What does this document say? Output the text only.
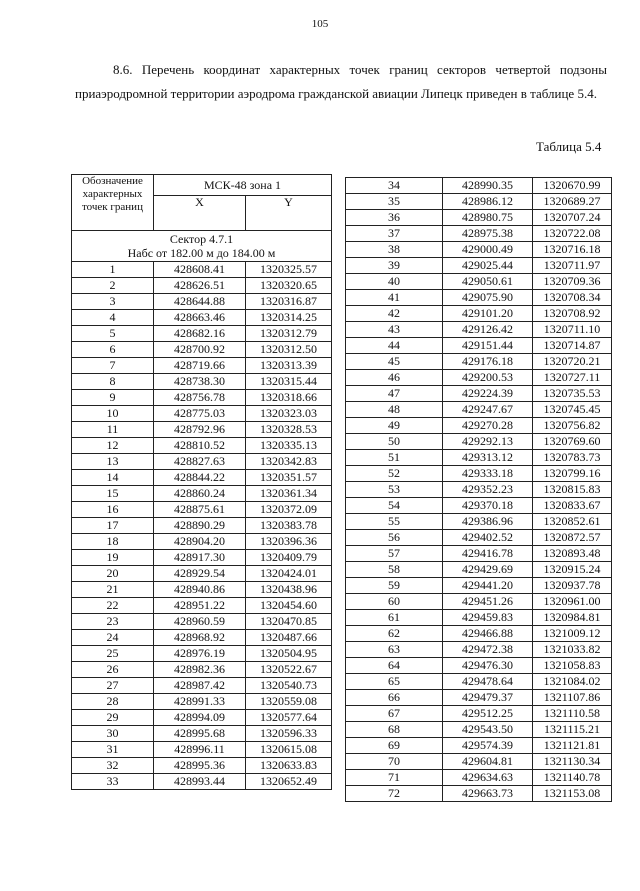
105
8.6. Перечень координат характерных точек границ секторов четвертой подзоны приаэродромной территории аэродрома гражданской авиации Липецк приведен в таблице 5.4.
Таблица 5.4
Обозначение характерных точек границ	МСК-48 зона 1	
	X	Y

Сектор 4.7.1
Набс от 182.00 м до 184.00 м		

1	428608.41	1320325.57
2	428626.51	1320320.65
3	428644.88	1320316.87
4	428663.46	1320314.25
5	428682.16	1320312.79
6	428700.92	1320312.50
7	428719.66	1320313.39
8	428738.30	1320315.44
9	428756.78	1320318.66
10	428775.03	1320323.03
11	428792.96	1320328.53
12	428810.52	1320335.13
13	428827.63	1320342.83
14	428844.22	1320351.57
15	428860.24	1320361.34
16	428875.61	1320372.09
17	428890.29	1320383.78
18	428904.20	1320396.36
19	428917.30	1320409.79
20	428929.54	1320424.01
21	428940.86	1320438.96
22	428951.22	1320454.60
23	428960.59	1320470.85
24	428968.92	1320487.66
25	428976.19	1320504.95
26	428982.36	1320522.67
27	428987.42	1320540.73
28	428991.33	1320559.08
29	428994.09	1320577.64
30	428995.68	1320596.33
31	428996.11	1320615.08
32	428995.36	1320633.83
33	428993.44	1320652.49
34	428990.35	1320670.99
35	428986.12	1320689.27
36	428980.75	1320707.24
37	428975.38	1320722.08
38	429000.49	1320716.18
39	429025.44	1320711.97
40	429050.61	1320709.36
41	429075.90	1320708.34
42	429101.20	1320708.92
43	429126.42	1320711.10
44	429151.44	1320714.87
45	429176.18	1320720.21
46	429200.53	1320727.11
47	429224.39	1320735.53
48	429247.67	1320745.45
49	429270.28	1320756.82
50	429292.13	1320769.60
51	429313.12	1320783.73
52	429333.18	1320799.16
53	429352.23	1320815.83
54	429370.18	1320833.67
55	429386.96	1320852.61
56	429402.52	1320872.57
57	429416.78	1320893.48
58	429429.69	1320915.24
59	429441.20	1320937.78
60	429451.26	1320961.00
61	429459.83	1320984.81
62	429466.88	1321009.12
63	429472.38	1321033.82
64	429476.30	1321058.83
65	429478.64	1321084.02
66	429479.37	1321107.86
67	429512.25	1321110.58
68	429543.50	1321115.21
69	429574.39	1321121.81
70	429604.81	1321130.34
71	429634.63	1321140.78
72	429663.73	1321153.08
